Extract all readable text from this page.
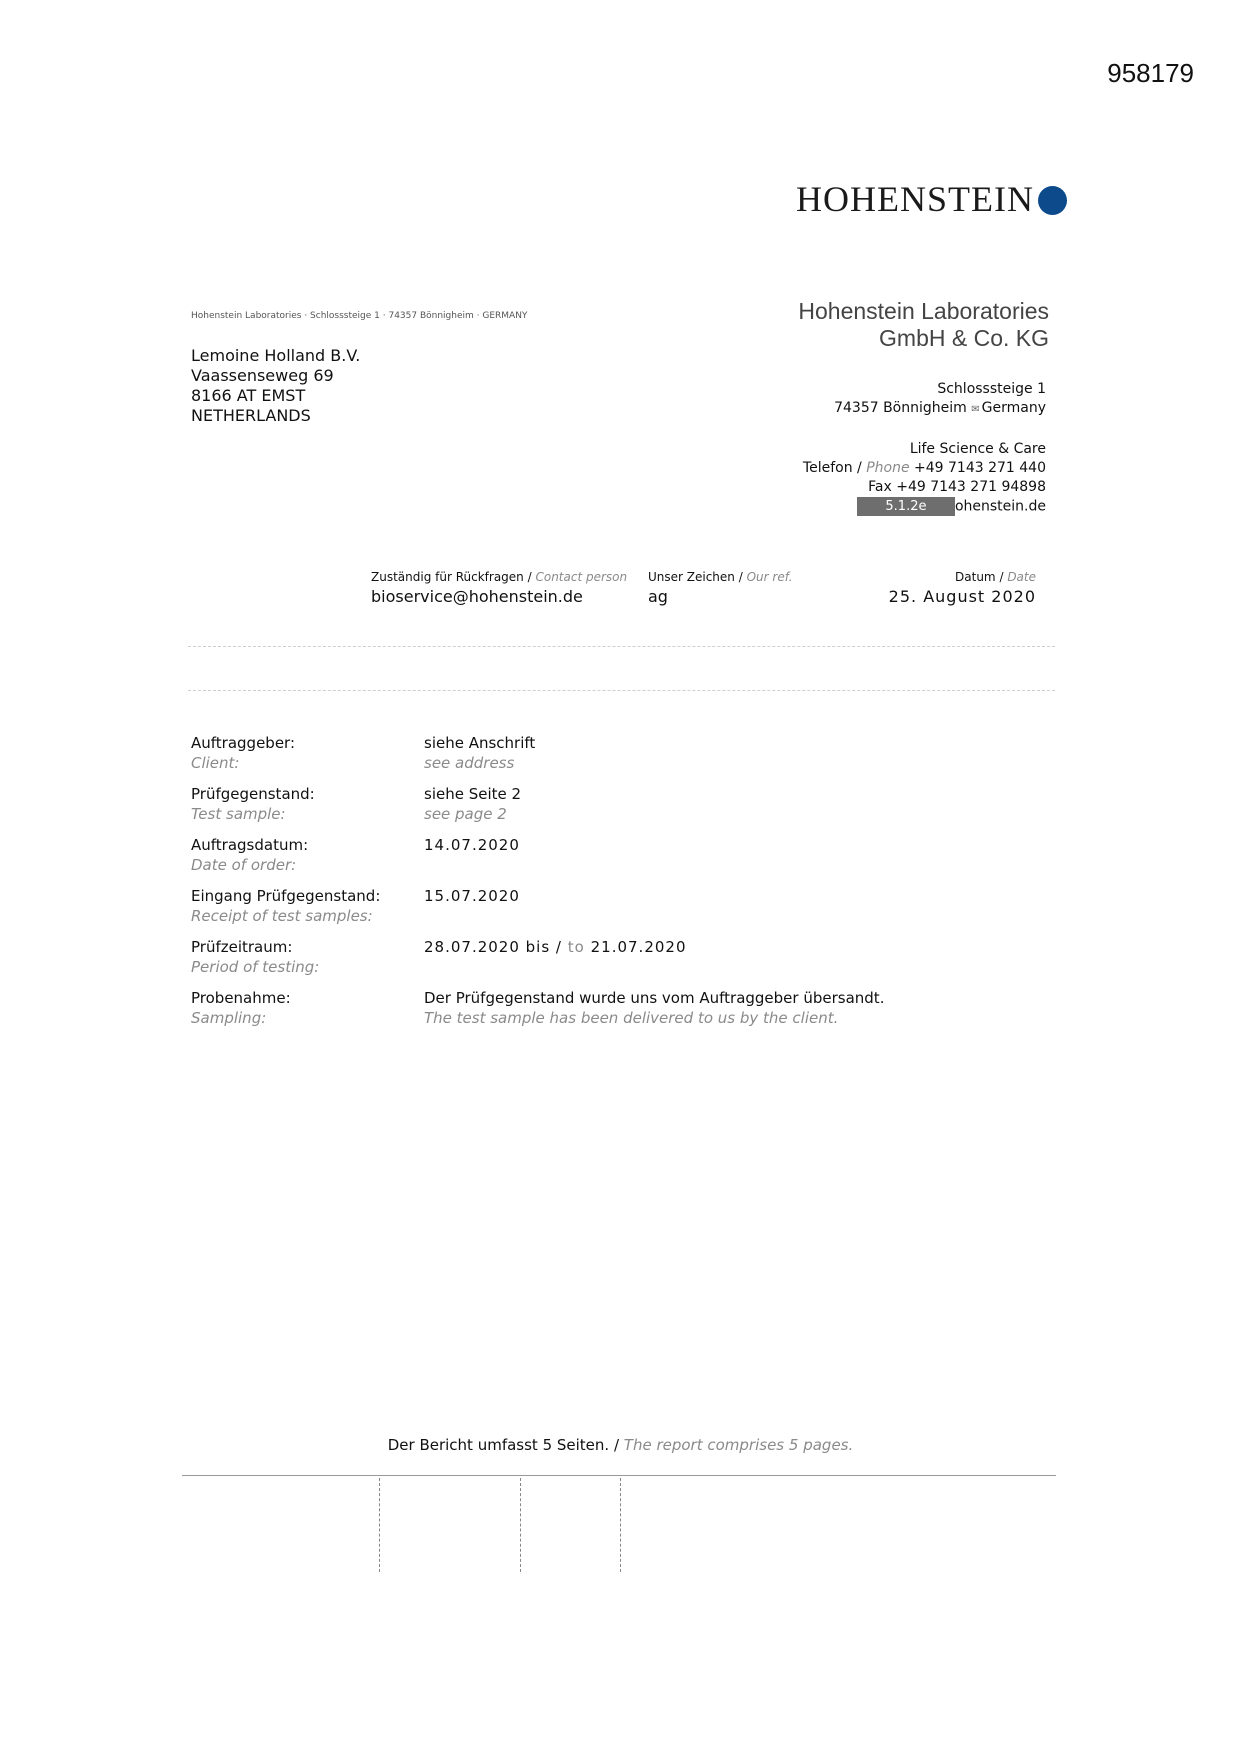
958179
HOHENSTEIN
Hohenstein Laboratories · Schlosssteige 1 · 74357 Bönnigheim · GERMANY
Lemoine Holland B.V.
Vaassenseweg 69
8166 AT EMST
NETHERLANDS
Hohenstein Laboratories
GmbH & Co. KG
Schlosssteige 1
74357 Bönnigheim ✉ Germany
Life Science & Care
Telefon / Phone +49 7143 271 440
Fax +49 7143 271 94898
5.1.2e ohenstein.de
Zuständig für Rückfragen / Contact person
bioservice@hohenstein.de
Unser Zeichen / Our ref.
ag
Datum / Date
25. August 2020
Auftraggeber:
Client:
siehe Anschrift
see address
Prüfgegenstand:
Test sample:
siehe Seite 2
see page 2
Auftragsdatum:
Date of order:
14.07.2020
Eingang Prüfgegenstand:
Receipt of test samples:
15.07.2020
Prüfzeitraum:
Period of testing:
28.07.2020 bis / to 21.07.2020
Probenahme:
Sampling:
Der Prüfgegenstand wurde uns vom Auftraggeber übersandt.
The test sample has been delivered to us by the client.
Der Bericht umfasst 5 Seiten. / The report comprises 5 pages.
